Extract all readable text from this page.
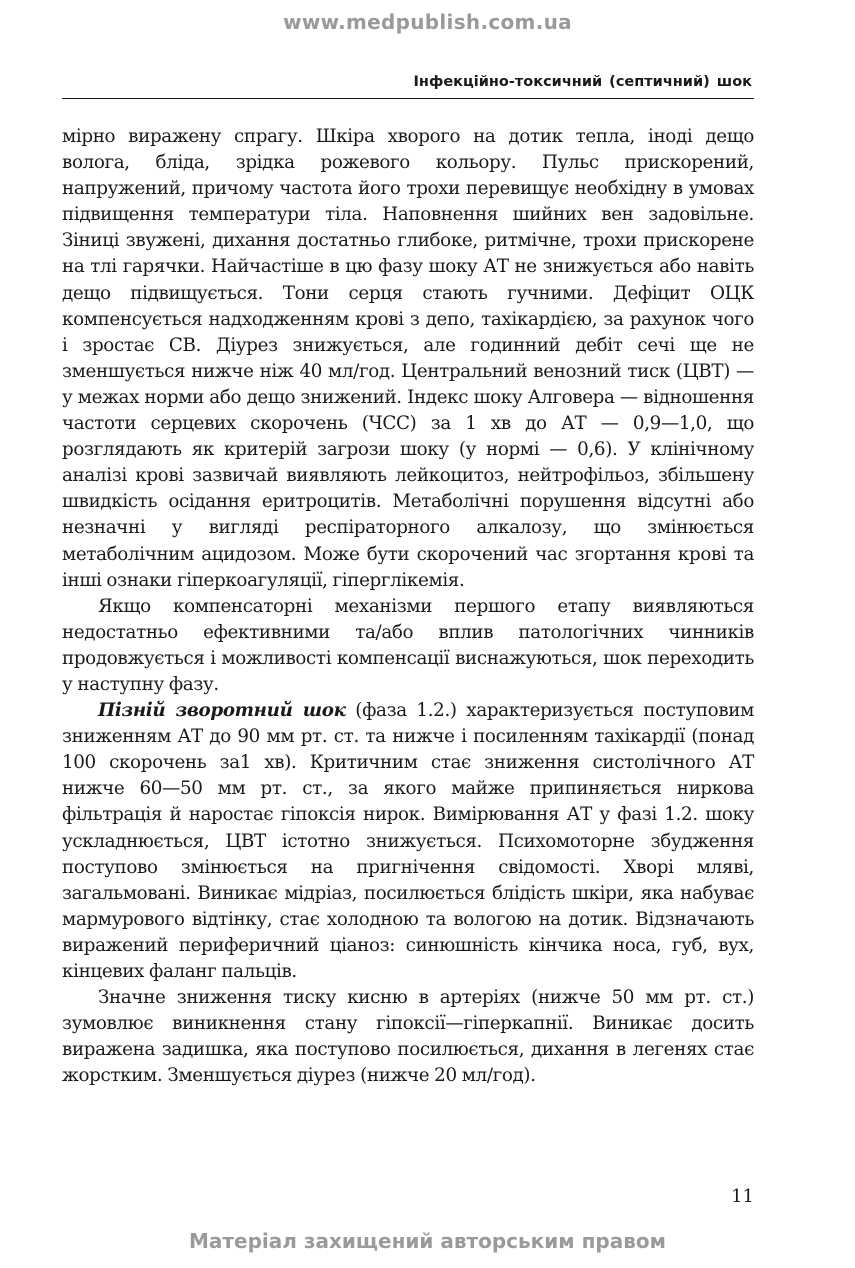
www.medpublish.com.ua
Інфекційно-токсичний (септичний) шок

мірно виражену спрагу. Шкіра хворого на дотик тепла, іноді дещо волога, бліда, зрідка рожевого кольору. Пульс прискорений, напружений, причому частота його трохи перевищує необхідну в умовах підвищення температури тіла. Наповнення шийних вен задовільне. Зіниці звужені, дихання достатньо глибоке, ритмічне, трохи прискорене на тлі гарячки. Найчастіше в цю фазу шоку АТ не знижується або навіть дещо підвищується. Тони серця стають гучними. Дефіцит ОЦК компенсується надходженням крові з депо, тахікардією, за рахунок чого і зростає СВ. Діурез знижується, але годинний дебіт сечі ще не зменшується нижче ніж 40 мл/год. Центральний венозний тиск (ЦВТ) — у межах норми або дещо знижений. Індекс шоку Алговера — відношення частоти серцевих скорочень (ЧСС) за 1 хв до АТ — 0,9—1,0, що розглядають як критерій загрози шоку (у нормі — 0,6). У клінічному аналізі крові зазвичай виявляють лейкоцитоз, нейтрофільоз, збільшену швидкість осідання еритроцитів. Метаболічні порушення відсутні або незначні у вигляді респіраторного алкалозу, що змінюється метаболічним ацидозом. Може бути скорочений час згортання крові та інші ознаки гіперкоагуляції, гіперглікемія.

Якщо компенсаторні механізми першого етапу виявляються недостатньо ефективними та/або вплив патологічних чинників продовжується і можливості компенсації виснажуються, шок переходить у наступну фазу.

Пізній зворотний шок (фаза 1.2.) характеризується поступовим зниженням АТ до 90 мм рт. ст. та нижче і посиленням тахікардії (понад 100 скорочень за1 хв). Критичним стає зниження систолічного АТ нижче 60—50 мм рт. ст., за якого майже припиняється ниркова фільтрація й наростає гіпоксія нирок. Вимірювання АТ у фазі 1.2. шоку ускладнюється, ЦВТ істотно знижується. Психомоторне збудження поступово змінюється на пригнічення свідомості. Хворі мляві, загальмовані. Виникає мідріаз, посилюється блідість шкіри, яка набуває мармурового відтінку, стає холодною та вологою на дотик. Відзначають виражений периферичний ціаноз: синюшність кінчика носа, губ, вух, кінцевих фаланг пальців.

Значне зниження тиску кисню в артеріях (нижче 50 мм рт. ст.) зумовлює виникнення стану гіпоксії—гіперкапнії. Виникає досить виражена задишка, яка поступово посилюється, дихання в легенях стає жорстким. Зменшується діурез (нижче 20 мл/год).

11
Матеріал захищений авторським правом
